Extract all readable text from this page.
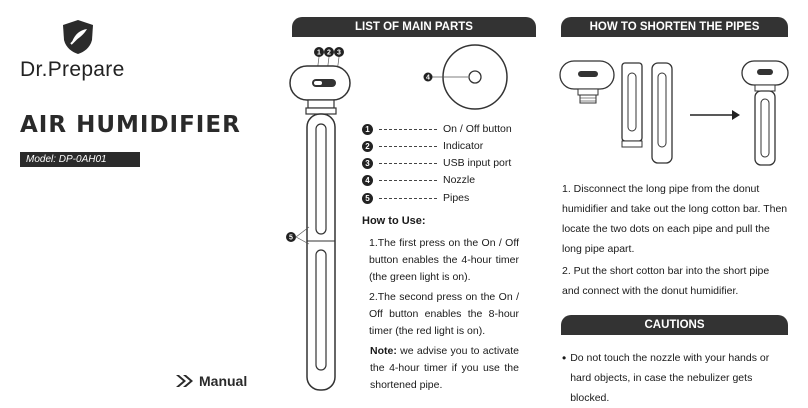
Dr.Prepare
AIR HUMIDIFIER
Model: DP-0AH01
Manual
LIST OF MAIN PARTS
1 2 3
5
4
1	On / Off button
2	Indicator
3	USB input port
4	Nozzle
5	Pipes
How to Use:
1.The first press on the On / Off button enables the 4-hour timer (the green light is on).
2.The second press on the On / Off button enables the 8-hour timer (the red light is on).
Note: we advise you to activate the 4-hour timer if you use the shortened pipe.
HOW TO SHORTEN THE PIPES
1. Disconnect the long pipe from the donut humidifier and take out the long cotton bar. Then locate the two dots on each pipe and pull the long pipe apart.
2. Put the short cotton bar into the short pipe and connect with the donut humidifier.
CAUTIONS
• Do not touch the nozzle with your hands or hard objects, in case the nebulizer gets blocked.
